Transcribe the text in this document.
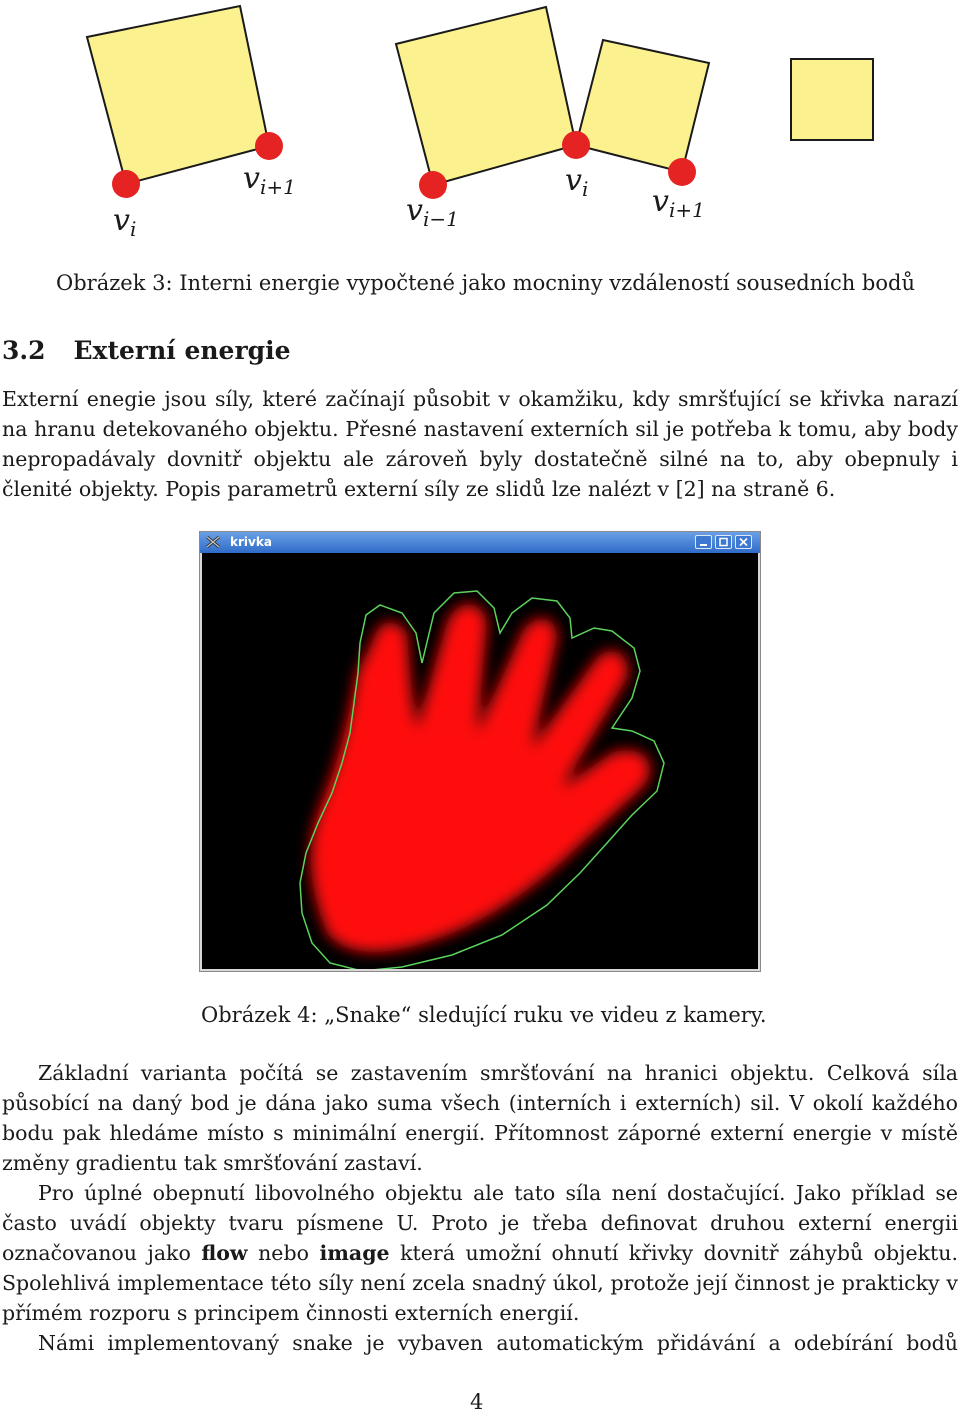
$v_i$
$v_{i+1}$
$v_{i-1}$
$v_i$ $v_{i+1}$
Obrázek 3: Interni energie vypočtené jako mocniny vzdáleností sousedních bodů
3.2 Externí energie

Externí enegie jsou síly, které začínají působit v okamžiku, kdy smršťující se křivka narazí na hranu detekovaného objektu. Přesné nastavení externích sil je potřeba k tomu, aby body nepropadávaly dovnitř objektu ale zároveň byly dostatečně silné na to, aby obepnuly i členité objekty. Popis parametrů externí síly ze slidů lze nalézt v [2] na straně 6.

krivka
Obrázek 4: „Snake“ sledující ruku ve videu z kamery.

Základní varianta počítá se zastavením smršťování na hranici objektu. Celková síla působící na daný bod je dána jako suma všech (interních i externích) sil. V okolí každého bodu pak hledáme místo s minimální energií. Přítomnost záporné externí energie v místě změny gradientu tak smršťování zastaví.

Pro úplné obepnutí libovolného objektu ale tato síla není dostačující. Jako příklad se často uvádí objekty tvaru písmene U. Proto je třeba definovat druhou externí energii označovanou jako flow nebo image která umožní ohnutí křivky dovnitř záhybů objektu. Spolehlivá implementace této síly není zcela snadný úkol, protože její činnost je prakticky v přímém rozporu s principem činnosti externích energií.

Námi implementovaný snake je vybaven automatickým přidávání a odebírání bodů

4
